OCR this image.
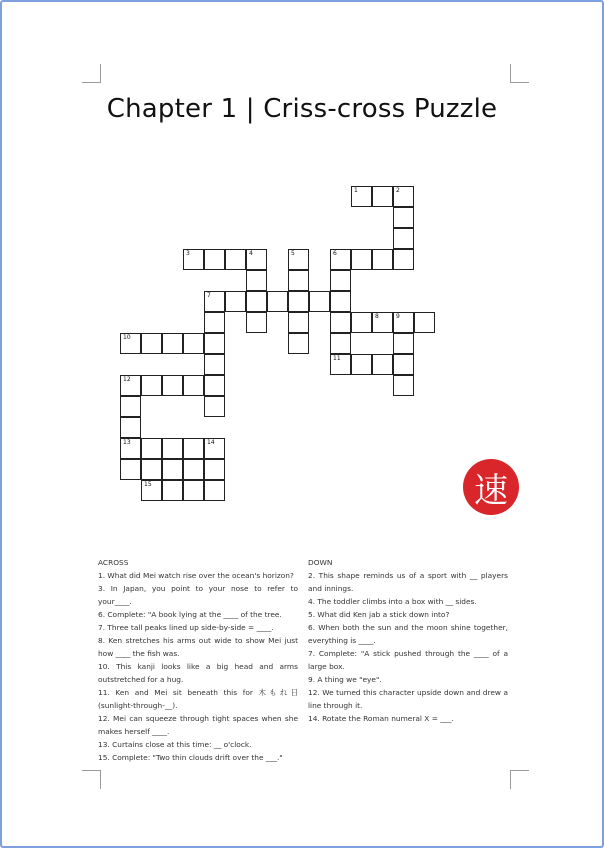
Chapter 1 | Criss-cross Puzzle
1	2
3	4	5	6
7
8	9
10
11
12
13	14
15	速
ACROSS
1. What did Mei watch rise over the ocean's horizon?
3. In Japan, you point to your nose to refer to your____.
6. Complete: "A book lying at the ____ of the tree.
7. Three tall peaks lined up side-by-side = ____.
8. Ken stretches his arms out wide to show Mei just how ____ the fish was.
10. This kanji looks like a big head and arms outstretched for a hug.
11. Ken and Mei sit beneath this for 木もれ日 (sunlight-through-__).
12. Mei can squeeze through tight spaces when she makes herself ____.
13. Curtains close at this time: __ o'clock.
15. Complete: "Two thin clouds drift over the ___."
DOWN
2. This shape reminds us of a sport with __ players and innings.
4. The toddler climbs into a box with __ sides.
5. What did Ken jab a stick down into?
6. When both the sun and the moon shine together, everything is ____.
7. Complete: "A stick pushed through the ____ of a large box.
9. A thing we "eye".
12. We turned this character upside down and drew a line through it.
14. Rotate the Roman numeral X = ___.
